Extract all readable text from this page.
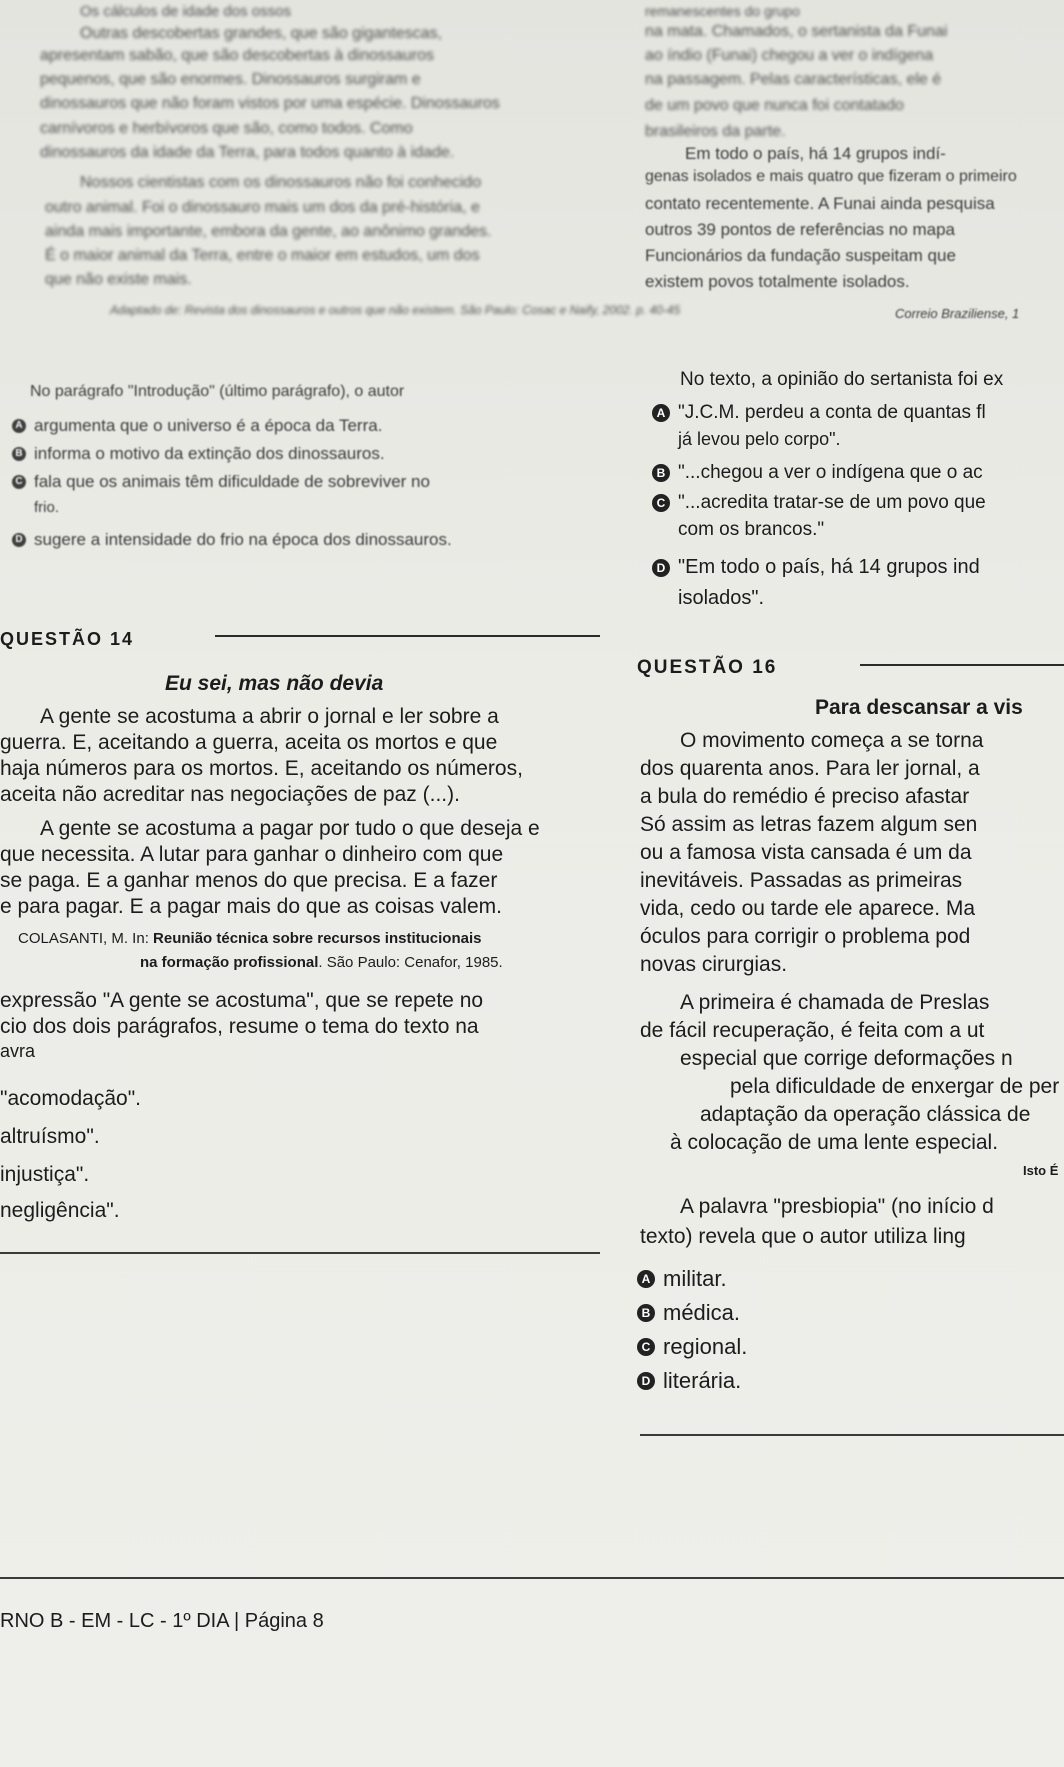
Os cálculos de idade dos ossos
Outras descobertas grandes, que são gigantescas,
apresentam sabão, que são descobertas à dinossauros
pequenos, que são enormes. Dinossauros surgiram e
dinossauros que não foram vistos por uma espécie. Dinossauros
carnívoros e herbívoros que são, como todos. Como
dinossauros da idade da Terra, para todos quanto à idade.
Nossos cientistas com os dinossauros não foi conhecido
outro animal. Foi o dinossauro mais um dos da pré-história, e
ainda mais importante, embora da gente, ao anônimo grandes.
É o maior animal da Terra, entre o maior em estudos, um dos
que não existe mais.
Adaptado de: Revista dos dinossauros e outros que não existem. São Paulo: Cosac e Naify, 2002. p. 40-45
No parágrafo "Introdução" (último parágrafo), o autor
A argumenta que o universo é a época da Terra.
B informa o motivo da extinção dos dinossauros.
C fala que os animais têm dificuldade de sobreviver no
frio.
D sugere a intensidade do frio na época dos dinossauros.
remanescentes do grupo
na mata. Chamados, o sertanista da Funai
ao índio (Funai) chegou a ver o indígena
na passagem. Pelas características, ele é
de um povo que nunca foi contatado
brasileiros da parte.
Em todo o país, há 14 grupos indí-
genas isolados e mais quatro que fizeram o primeiro
contato recentemente. A Funai ainda pesquisa
outros 39 pontos de referências no mapa
Funcionários da fundação suspeitam que
existem povos totalmente isolados.
Correio Braziliense, 1
No texto, a opinião do sertanista foi ex
A "J.C.M. perdeu a conta de quantas fl
já levou pelo corpo".
B "...chegou a ver o indígena que o ac
C "...acredita tratar-se de um povo que
com os brancos."
D "Em todo o país, há 14 grupos ind
isolados".
QUESTÃO 14
Eu sei, mas não devia
A gente se acostuma a abrir o jornal e ler sobre a
guerra. E, aceitando a guerra, aceita os mortos e que
haja números para os mortos. E, aceitando os números,
aceita não acreditar nas negociações de paz (...).
A gente se acostuma a pagar por tudo o que deseja e
que necessita. A lutar para ganhar o dinheiro com que
se paga. E a ganhar menos do que precisa. E a fazer
e para pagar. E a pagar mais do que as coisas valem.
COLASANTI, M. In: Reunião técnica sobre recursos institucionais
na formação profissional. São Paulo: Cenafor, 1985.
expressão "A gente se acostuma", que se repete no
cio dos dois parágrafos, resume o tema do texto na
avra
"acomodação".
altruísmo".
injustiça".
negligência".
QUESTÃO 16
Para descansar a vis
O movimento começa a se torna
dos quarenta anos. Para ler jornal, a
a bula do remédio é preciso afastar
Só assim as letras fazem algum sen
ou a famosa vista cansada é um da
inevitáveis. Passadas as primeiras
vida, cedo ou tarde ele aparece. Ma
óculos para corrigir o problema pod
novas cirurgias.
A primeira é chamada de Preslas
de fácil recuperação, é feita com a ut
especial que corrige deformações n
pela dificuldade de enxergar de per
adaptação da operação clássica de
à colocação de uma lente especial.
Isto É
A palavra "presbiopia" (no início d
texto) revela que o autor utiliza ling
A militar.
B médica.
C regional.
D literária.
RNO B - EM - LC - 1º DIA | Página 8
